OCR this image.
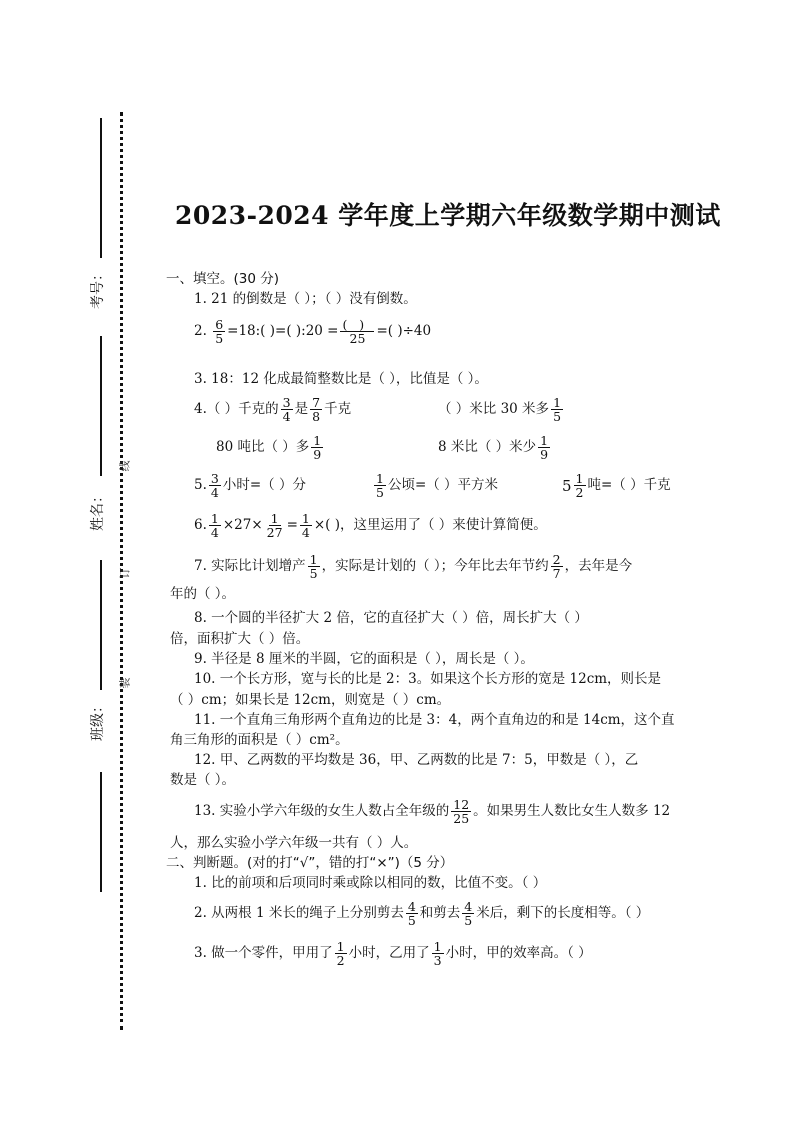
考号：
姓名：
班级：
订
装
线
2023-2024 学年度上学期六年级数学期中测试
一、填空。(30 分)
1. 21 的倒数是（ ）；（ ）没有倒数。
2. $\frac{6}{5}$ =18:( )=( ):20 = $\frac{( )}{25}$ =( )÷40
3. 18：12 化成最简整数比是（ ），比值是（ ）。
4.（ ）千克的 $\frac{3}{4}$ 是 $\frac{7}{8}$ 千克	（ ）米比 30 米多 $\frac{1}{5}$
80 吨比（ ）多 $\frac{1}{9}$	8 米比（ ）米少 $\frac{1}{9}$
5. $\frac{3}{4}$ 小时=（ ）分	$\frac{1}{5}$ 公顷=（ ）平方米	$5 \frac{1}{2}$ 吨=（ ）千克
6. $\frac{1}{4} \times 27\times \frac{1}{27} = \frac{1}{4}$ ×( )，这里运用了（ ）来使计算简便。
7. 实际比计划增产 $\frac{1}{5}$ ，实际是计划的（ ）；今年比去年节约 $\frac{2}{7}$ ，去年是今
年的（ ）。
8. 一个圆的半径扩大 2 倍，它的直径扩大（ ）倍，周长扩大（ ）
倍，面积扩大（ ）倍。
9. 半径是 8 厘米的半圆，它的面积是（ ），周长是（ ）。
10. 一个长方形，宽与长的比是 2：3。如果这个长方形的宽是 12cm，则长是
（ ）cm；如果长是 12cm，则宽是（ ）cm。
11. 一个直角三角形两个直角边的比是 3：4，两个直角边的和是 14cm，这个直
角三角形的面积是（ ）cm²。
12. 甲、乙两数的平均数是 36，甲、乙两数的比是 7：5，甲数是（ ），乙
数是（ ）。
13. 实验小学六年级的女生人数占全年级的 $\frac{12}{25}$ 。如果男生人数比女生人数多 12
人，那么实验小学六年级一共有（ ）人。
二、判断题。(对的打“√”，错的打“×”)（5 分）
1. 比的前项和后项同时乘或除以相同的数，比值不变。（ ）
2. 从两根 1 米长的绳子上分别剪去 $\frac{4}{5}$ 和剪去 $\frac{4}{5}$ 米后，剩下的长度相等。（ ）
3. 做一个零件，甲用了 $\frac{1}{2}$ 小时，乙用了 $\frac{1}{3}$ 小时，甲的效率高。（ ）
